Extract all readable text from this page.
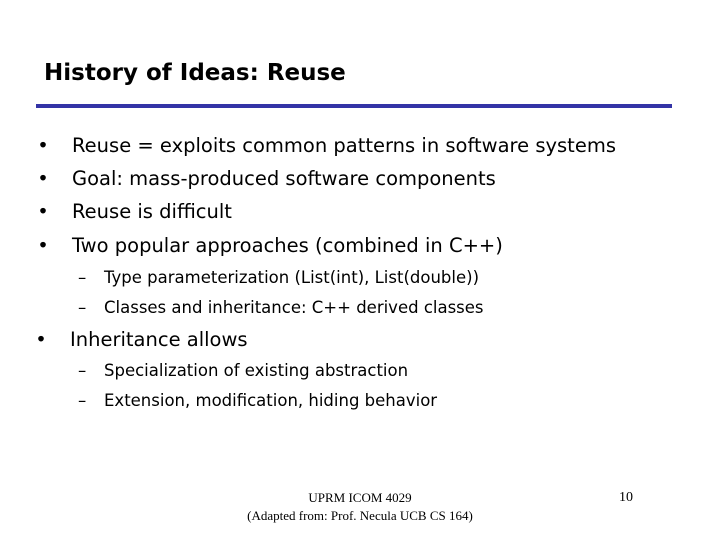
History of Ideas: Reuse
• Reuse = exploits common patterns in software systems
• Goal: mass-produced software components
• Reuse is difficult
• Two popular approaches (combined in C++)
– Type parameterization (List(int), List(double))
– Classes and inheritance: C++ derived classes
• Inheritance allows
– Specialization of existing abstraction
– Extension, modification, hiding behavior
UPRM ICOM 4029
(Adapted from: Prof. Necula UCB CS 164)
10
